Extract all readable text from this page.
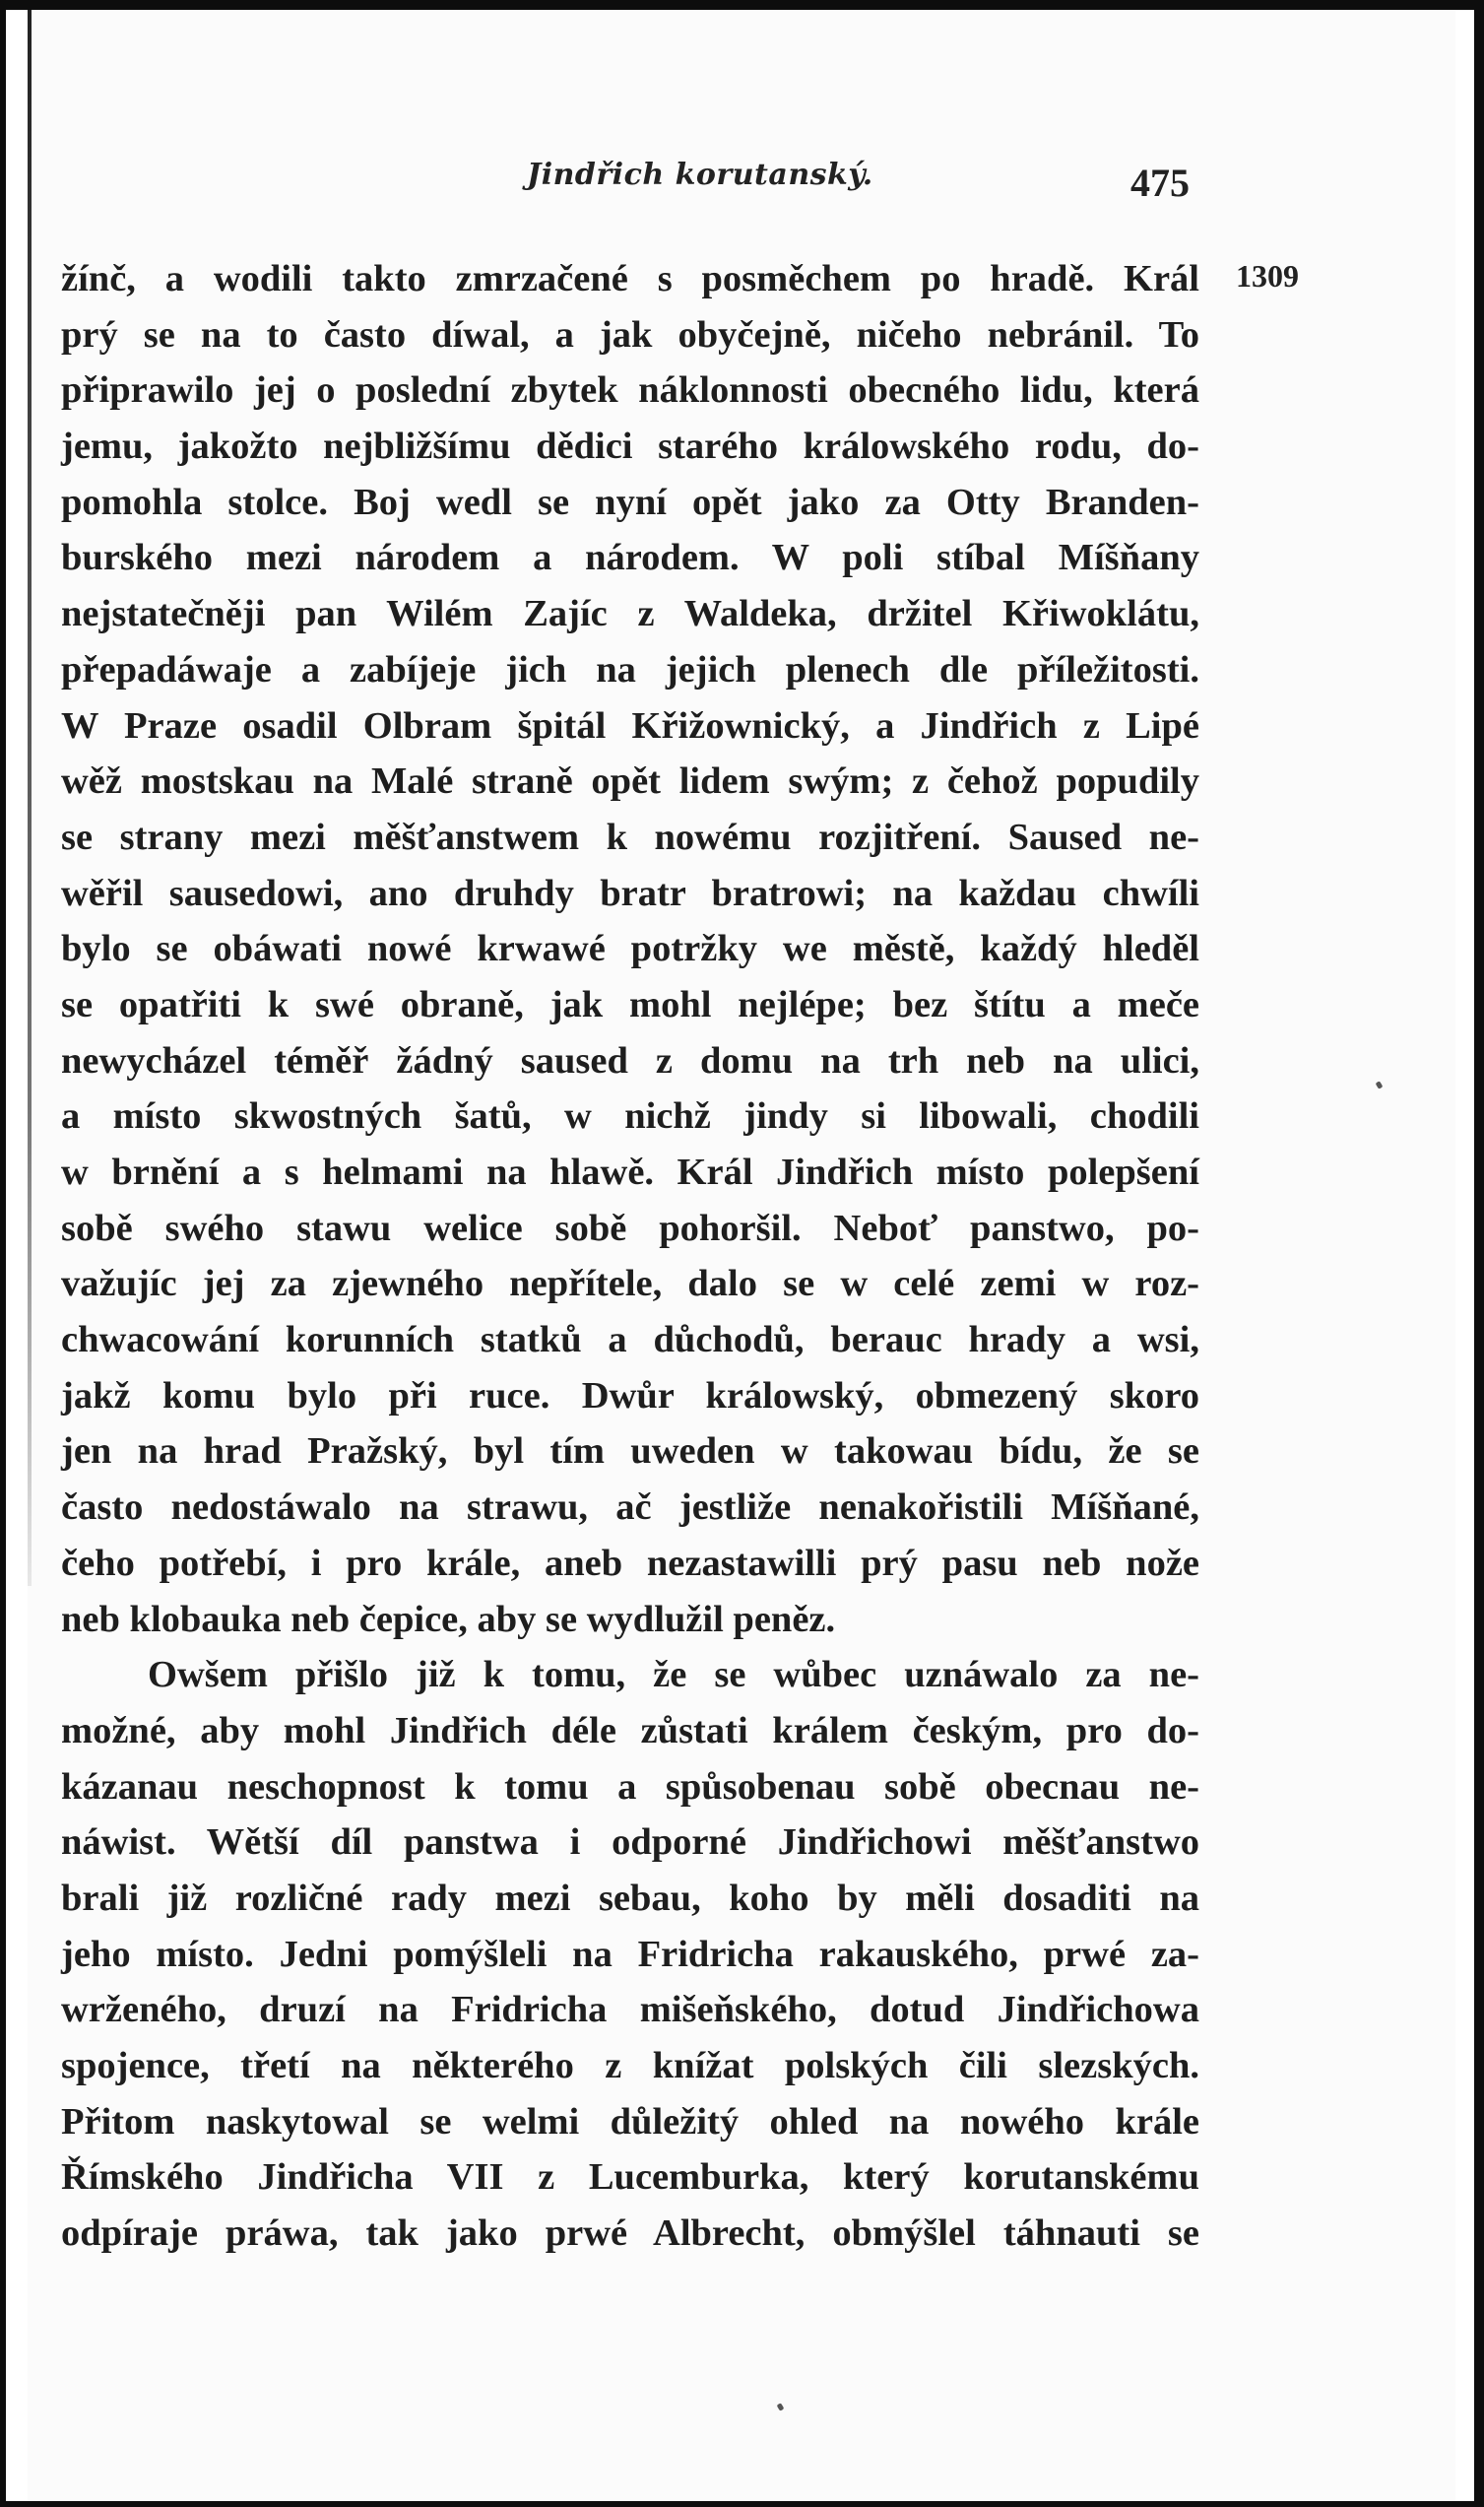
Jindřich korutanský.	475
1309
žínč, a wodili takto zmrzačené s posměchem po hradě. Král
prý se na to často díwal, a jak obyčejně, ničeho nebránil. To
připrawilo jej o poslední zbytek náklonnosti obecného lidu, která
jemu, jakožto nejbližšímu dědici starého králowského rodu, do-
pomohla stolce. Boj wedl se nyní opět jako za Otty Branden-
burského mezi národem a národem. W poli stíbal Míšňany
nejstatečněji pan Wilém Zajíc z Waldeka, držitel Křiwoklátu,
přepadáwaje a zabíjeje jich na jejich plenech dle příležitosti.
W Praze osadil Olbram špitál Křižownický, a Jindřich z Lipé
wěž mostskau na Malé straně opět lidem swým; z čehož popudily
se strany mezi měšťanstwem k nowému rozjitření. Saused ne-
wěřil sausedowi, ano druhdy bratr bratrowi; na každau chwíli
bylo se obáwati nowé krwawé potržky we městě, každý hleděl
se opatřiti k swé obraně, jak mohl nejlépe; bez štítu a meče
newycházel téměř žádný saused z domu na trh neb na ulici,
a místo skwostných šatů, w nichž jindy si libowali, chodili
w brnění a s helmami na hlawě. Král Jindřich místo polepšení
sobě swého stawu welice sobě pohoršil. Neboť panstwo, po-
važujíc jej za zjewného nepřítele, dalo se w celé zemi w roz-
chwacowání korunních statků a důchodů, berauc hrady a wsi,
jakž komu bylo při ruce. Dwůr králowský, obmezený skoro
jen na hrad Pražský, byl tím uweden w takowau bídu, že se
často nedostáwalo na strawu, ač jestliže nenakořistili Míšňané,
čeho potřebí, i pro krále, aneb nezastawilli prý pasu neb nože
neb klobauka neb čepice, aby se wydlužil peněz.
Owšem přišlo již k tomu, že se wůbec uznáwalo za ne-
možné, aby mohl Jindřich déle zůstati králem českým, pro do-
kázanau neschopnost k tomu a spůsobenau sobě obecnau ne-
náwist. Wětší díl panstwa i odporné Jindřichowi měšťanstwo
brali již rozličné rady mezi sebau, koho by měli dosaditi na
jeho místo. Jedni pomýšleli na Fridricha rakauského, prwé za-
wrženého, druzí na Fridricha mišeňského, dotud Jindřichowa
spojence, třetí na některého z knížat polských čili slezských.
Přitom naskytowal se welmi důležitý ohled na nowého krále
Římského Jindřicha VII z Lucemburka, který korutanskému
odpíraje práwa, tak jako prwé Albrecht, obmýšlel táhnauti se
